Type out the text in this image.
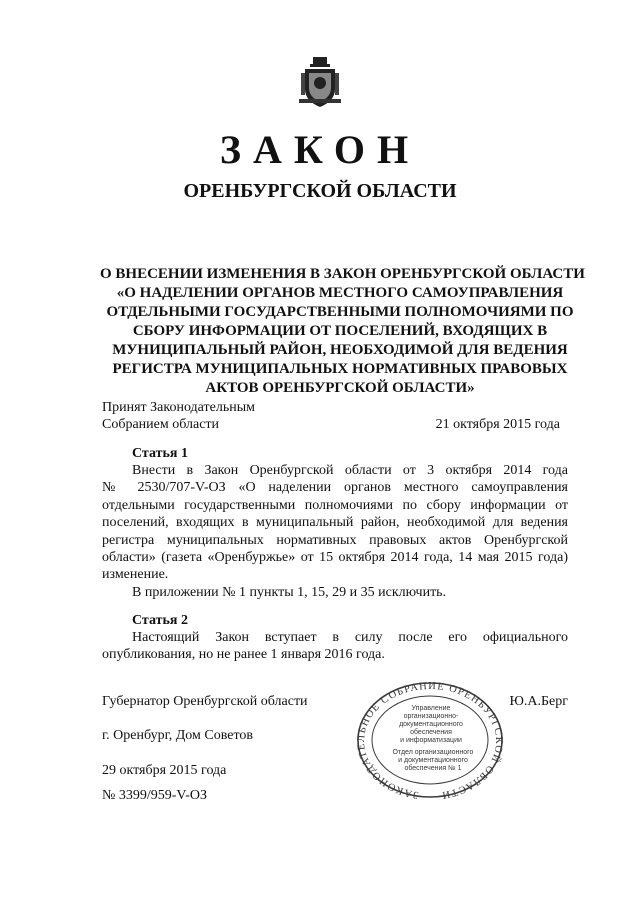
ЗАКОН
ОРЕНБУРГСКОЙ ОБЛАСТИ
О ВНЕСЕНИИ ИЗМЕНЕНИЯ В ЗАКОН ОРЕНБУРГСКОЙ ОБЛАСТИ
«О НАДЕЛЕНИИ ОРГАНОВ МЕСТНОГО САМОУПРАВЛЕНИЯ
ОТДЕЛЬНЫМИ ГОСУДАРСТВЕННЫМИ ПОЛНОМОЧИЯМИ ПО
СБОРУ ИНФОРМАЦИИ ОТ ПОСЕЛЕНИЙ, ВХОДЯЩИХ В
МУНИЦИПАЛЬНЫЙ РАЙОН, НЕОБХОДИМОЙ ДЛЯ ВЕДЕНИЯ
РЕГИСТРА МУНИЦИПАЛЬНЫХ НОРМАТИВНЫХ ПРАВОВЫХ
АКТОВ ОРЕНБУРГСКОЙ ОБЛАСТИ»
Принят Законодательным
Собранием области	21 октября 2015 года
Статья 1
Внести в Закон Оренбургской области от 3 октября 2014 года
№ 2530/707-V-ОЗ «О наделении органов местного самоуправления
отдельными государственными полномочиями по сбору информации от
поселений, входящих в муниципальный район, необходимой для ведения
регистра муниципальных нормативных правовых актов Оренбургской
области» (газета «Оренбуржье» от 15 октября 2014 года, 14 мая 2015 года)
изменение.
В приложении № 1 пункты 1, 15, 29 и 35 исключить.
Статья 2
Настоящий Закон вступает в силу после его официального
опубликования, но не ранее 1 января 2016 года.
Губернатор Оренбургской области	Ю.А.Берг
г. Оренбург, Дом Советов
29 октября 2015 года
№ 3399/959-V-ОЗ	ЗАКОНОДАТЕЛЬНОЕ СОБРАНИЕ ОРЕНБУРГСКОЙ ОБЛАСТИ
Управление
организационно-
документационного
обеспечения
и информатизации
Отдел организационного
и документационного
обеспечения № 1
